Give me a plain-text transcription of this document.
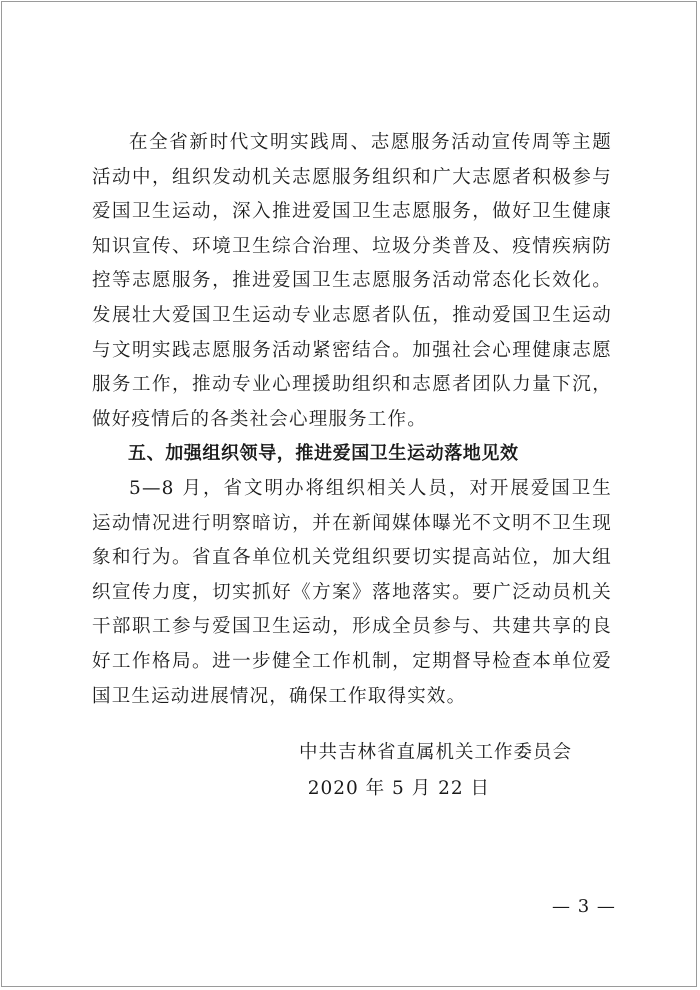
在全省新时代文明实践周、志愿服务活动宣传周等主题活动中，组织发动机关志愿服务组织和广大志愿者积极参与爱国卫生运动，深入推进爱国卫生志愿服务，做好卫生健康知识宣传、环境卫生综合治理、垃圾分类普及、疫情疾病防控等志愿服务，推进爱国卫生志愿服务活动常态化长效化。发展壮大爱国卫生运动专业志愿者队伍，推动爱国卫生运动与文明实践志愿服务活动紧密结合。加强社会心理健康志愿服务工作，推动专业心理援助组织和志愿者团队力量下沉，做好疫情后的各类社会心理服务工作。

五、加强组织领导，推进爱国卫生运动落地见效

5—8 月，省文明办将组织相关人员，对开展爱国卫生运动情况进行明察暗访，并在新闻媒体曝光不文明不卫生现象和行为。省直各单位机关党组织要切实提高站位，加大组织宣传力度，切实抓好《方案》落地落实。要广泛动员机关干部职工参与爱国卫生运动，形成全员参与、共建共享的良好工作格局。进一步健全工作机制，定期督导检查本单位爱国卫生运动进展情况，确保工作取得实效。

中共吉林省直属机关工作委员会
2020 年 5 月 22 日
— 3 —
